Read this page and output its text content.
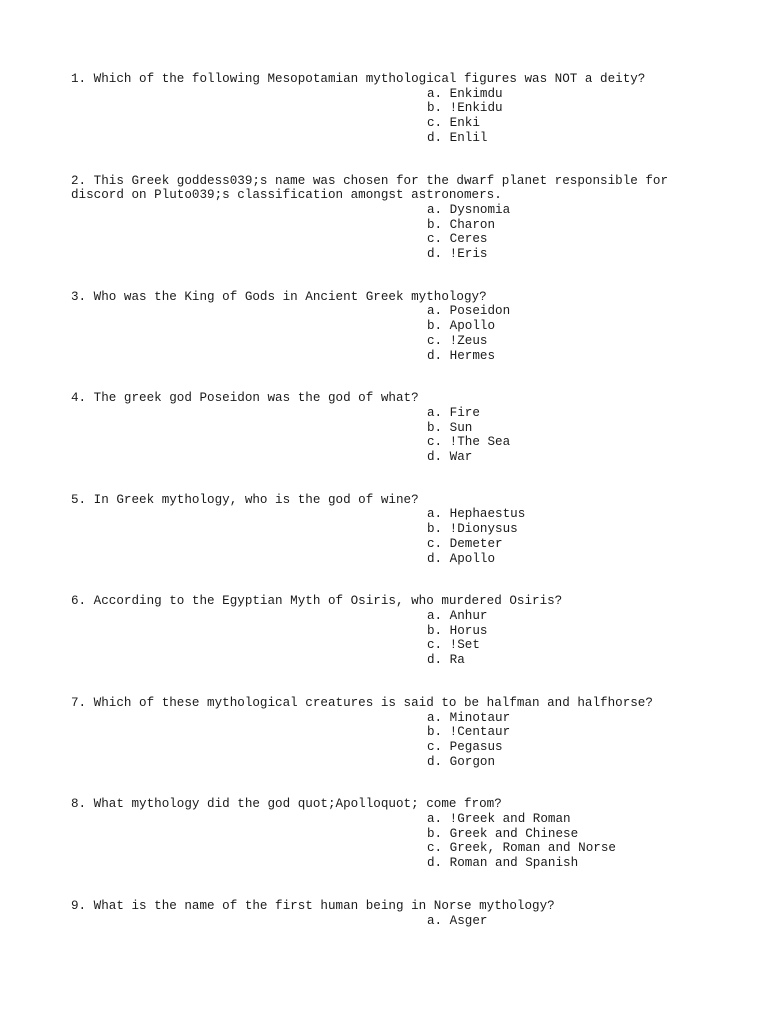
1. Which of the following Mesopotamian mythological figures was NOT a deity?

a. Enkimdu
b. !Enkidu
c. Enki
d. Enlil

2. This Greek goddess039;s name was chosen for the dwarf planet responsible for discord on Pluto039;s classification amongst astronomers.

a. Dysnomia
b. Charon
c. Ceres
d. !Eris

3. Who was the King of Gods in Ancient Greek mythology?

a. Poseidon
b. Apollo
c. !Zeus
d. Hermes

4. The greek god Poseidon was the god of what?

a. Fire
b. Sun
c. !The Sea
d. War

5. In Greek mythology, who is the god of wine?

a. Hephaestus
b. !Dionysus
c. Demeter
d. Apollo

6. According to the Egyptian Myth of Osiris, who murdered Osiris?

a. Anhur
b. Horus
c. !Set
d. Ra

7. Which of these mythological creatures is said to be halfman and halfhorse?

a. Minotaur
b. !Centaur
c. Pegasus
d. Gorgon

8. What mythology did the god quot;Apolloquot; come from?

a. !Greek and Roman
b. Greek and Chinese
c. Greek, Roman and Norse
d. Roman and Spanish

9. What is the name of the first human being in Norse mythology?

a. Asger
